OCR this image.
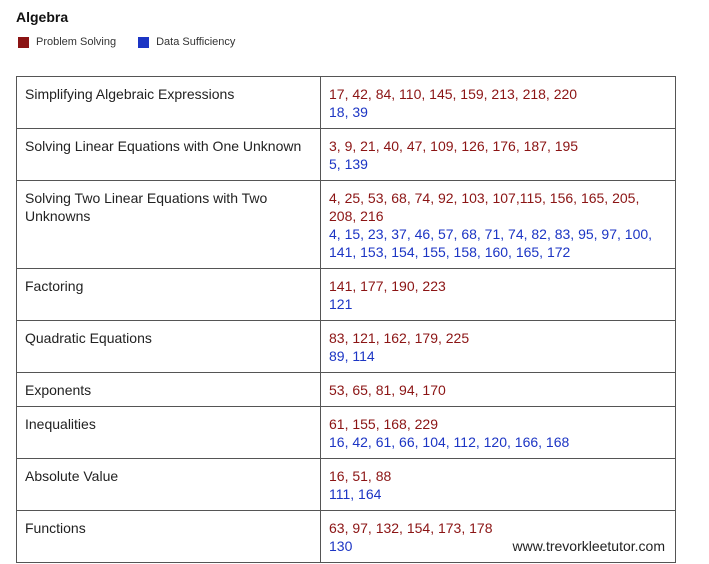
Algebra
Problem Solving	Data Sufficiency
Simplifying Algebraic Expressions	17, 42, 84, 110, 145, 159, 213, 218, 220
18, 39

Solving Linear Equations with One Unknown	3, 9, 21, 40, 47, 109, 126, 176, 187, 195
5, 139

Solving Two Linear Equations with Two Unknowns	4, 25, 53, 68, 74, 92, 103, 107,115, 156, 165, 205, 208, 216
4, 15, 23, 37, 46, 57, 68, 71, 74, 82, 83, 95, 97, 100, 141, 153, 154, 155, 158, 160, 165, 172

Factoring	141, 177, 190, 223
121

Quadratic Equations	83, 121, 162, 179, 225
89, 114

Exponents	53, 65, 81, 94, 170

Inequalities	61, 155, 168, 229
16, 42, 61, 66, 104, 112, 120, 166, 168

Absolute Value	16, 51, 88
111, 164

Functions	63, 97, 132, 154, 173, 178
130 www.trevorkleetutor.com
